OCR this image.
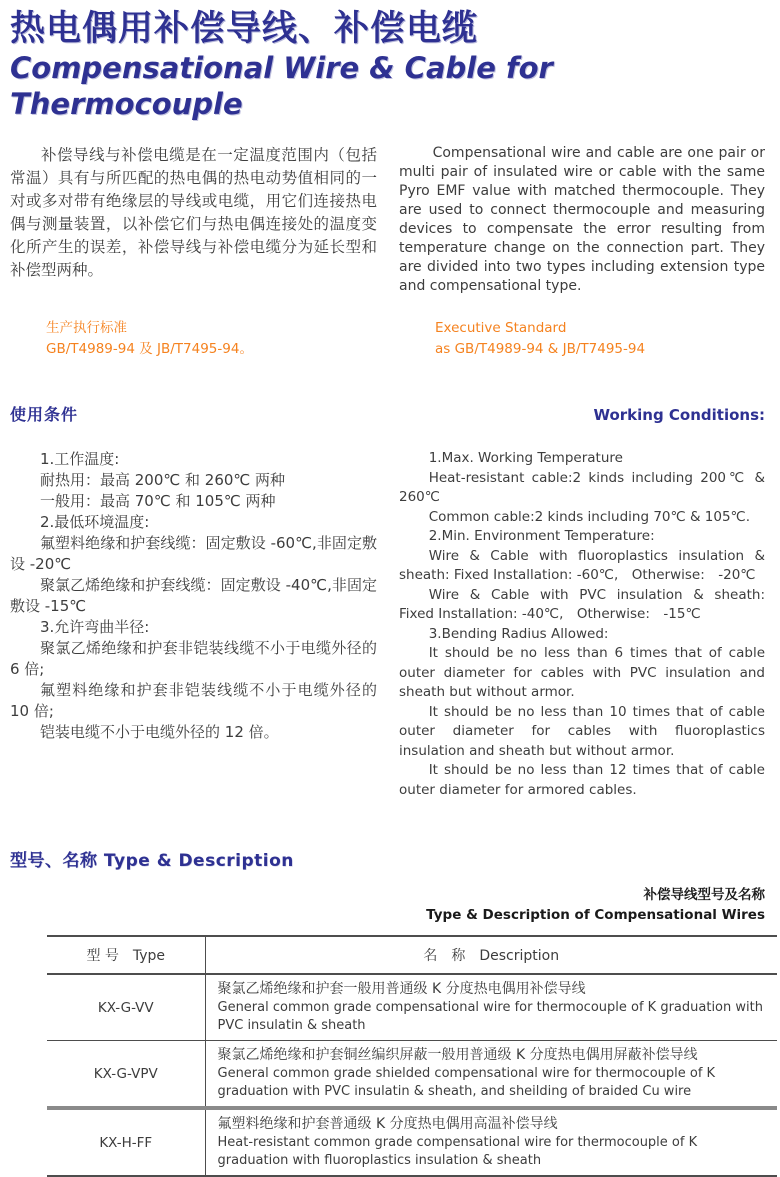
热电偶用补偿导线、补偿电缆
Compensational Wire & Cable for Thermocouple

补偿导线与补偿电缆是在一定温度范围内（包括常温）具有与所匹配的热电偶的热电动势值相同的一对或多对带有绝缘层的导线或电缆，用它们连接热电偶与测量装置，以补偿它们与热电偶连接处的温度变化所产生的误差，补偿导线与补偿电缆分为延长型和补偿型两种。

Compensational wire and cable are one pair or multi pair of insulated wire or cable with the same Pyro EMF value with matched thermocouple. They are used to connect thermocouple and measuring devices to compensate the error resulting from temperature change on the connection part. They are divided into two types including extension type and compensational type.

生产执行标准
GB/T4989-94 及 JB/T7495-94。
Executive Standard
as GB/T4989-94 & JB/T7495-94
使用条件	Working Conditions:

1.工作温度:

耐热用：最高 200℃ 和 260℃ 两种

一般用：最高 70℃ 和 105℃ 两种

2.最低环境温度:

氟塑料绝缘和护套线缆：固定敷设 -60℃,非固定敷设 -20℃

聚氯乙烯绝缘和护套线缆：固定敷设 -40℃,非固定敷设 -15℃

3.允许弯曲半径:

聚氯乙烯绝缘和护套非铠装线缆不小于电缆外径的 6 倍;

氟塑料绝缘和护套非铠装线缆不小于电缆外径的 10 倍;

铠装电缆不小于电缆外径的 12 倍。

1.Max. Working Temperature

Heat-resistant cable:2 kinds including 200℃ & 260℃

Common cable:2 kinds including 70℃ & 105℃.

2.Min. Environment Temperature:

Wire & Cable with fluoroplastics insulation & sheath: Fixed Installation: -60℃,　Otherwise:　-20℃

Wire & Cable with PVC insulation & sheath:　Fixed Installation: -40℃,　Otherwise:　-15℃

3.Bending Radius Allowed:

It should be no less than 6 times that of cable outer diameter for cables with PVC insulation and sheath but without armor.

It should be no less than 10 times that of cable outer diameter for cables with fluoroplastics insulation and sheath but without armor.

It should be no less than 12 times that of cable outer diameter for armored cables.

型号、名称 Type & Description
补偿导线型号及名称
Type & Description of Compensational Wires
型 号　Type	名　称　Description
KX-G-VV	聚氯乙烯绝缘和护套一般用普通级 K 分度热电偶用补偿导线
General common grade compensational wire for thermocouple of K graduation with PVC insulatin & sheath

KX-G-VPV	聚氯乙烯绝缘和护套铜丝编织屏蔽一般用普通级 K 分度热电偶用屏蔽补偿导线
General common grade shielded compensational wire for thermocouple of K graduation with PVC insulatin & sheath, and sheilding of braided Cu wire

KX-H-FF	氟塑料绝缘和护套普通级 K 分度热电偶用高温补偿导线
Heat-resistant common grade compensational wire for thermocouple of K graduation with fluoroplastics insulation & sheath
